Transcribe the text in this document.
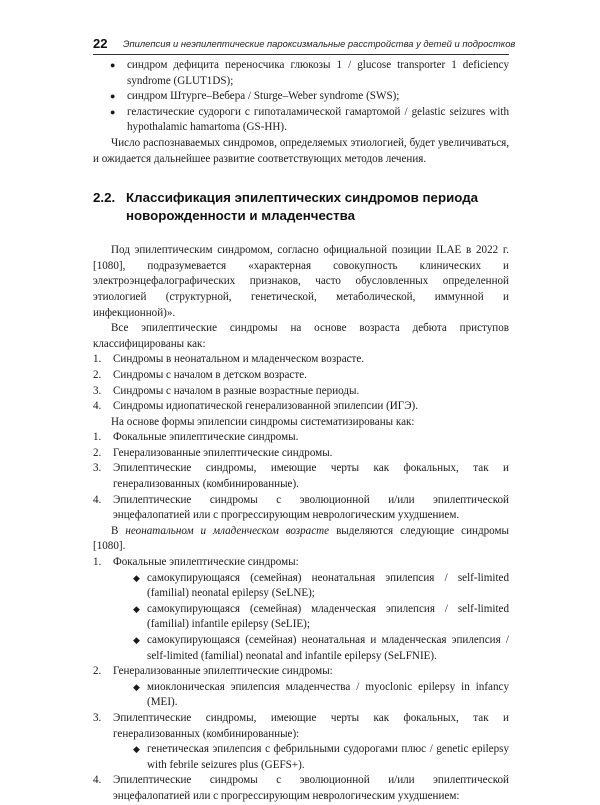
22 Эпилепсия и неэпилептические пароксизмальные расстройства у детей и подростков
● синдром дефицита переносчика глюкозы 1 / glucose transporter 1 deficiency syndrome (GLUT1DS);
● синдром Штурге–Вебера / Sturge–Weber syndrome (SWS);
● геластические судороги с гипоталамической гамартомой / gelastic seizures with hypothalamic hamartoma (GS-HH).

Число распознаваемых синдромов, определяемых этиологией, будет увеличиваться, и ожидается дальнейшее развитие соответствующих методов лечения.

2.2. Классификация эпилептических синдромов периода новорожденности и младенчества

Под эпилептическим синдромом, согласно официальной позиции ILAE в 2022 г. [1080], подразумевается «характерная совокупность клинических и электроэнцефалографических признаков, часто обусловленных определенной этиологией (структурной, генетической, метаболической, иммунной и инфекционной)».

Все эпилептические синдромы на основе возраста дебюта приступов классифицированы как:

1.	Синдромы в неонатальном и младенческом возрасте.
2.	Синдромы с началом в детском возрасте.
3.	Синдромы с началом в разные возрастные периоды.
4.	Синдромы идиопатической генерализованной эпилепсии (ИГЭ).

На основе формы эпилепсии синдромы систематизированы как:

1.	Фокальные эпилептические синдромы.
2.	Генерализованные эпилептические синдромы.
3.	Эпилептические синдромы, имеющие черты как фокальных, так и генерализованных (комбинированные).
4.	Эпилептические синдромы с эволюционной и/или эпилептической энцефалопатией или с прогрессирующим неврологическим ухудшением.

В неонатальном и младенческом возрасте выделяются следующие синдромы [1080].

1.	Фокальные эпилептические синдромы:
◆ самокупирующаяся (семейная) неонатальная эпилепсия / self-limited (familial) neonatal epilepsy (SeLNE);
◆ самокупирующаяся (семейная) младенческая эпилепсия / self-limited (familial) infantile epilepsy (SeLIE);
◆ самокупирующаяся (семейная) неонатальная и младенческая эпилепсия / self-limited (familial) neonatal and infantile epilepsy (SeLFNIE).
2.	Генерализованные эпилептические синдромы:
◆ миоклоническая эпилепсия младенчества / myoclonic epilepsy in infancy (MEI).
3.	Эпилептические синдромы, имеющие черты как фокальных, так и генерализованных (комбинированные):
◆ генетическая эпилепсия с фебрильными судорогами плюс / genetic epilepsy with febrile seizures plus (GEFS+).
4.	Эпилептические синдромы с эволюционной и/или эпилептической энцефалопатией или с прогрессирующим неврологическим ухудшением:
